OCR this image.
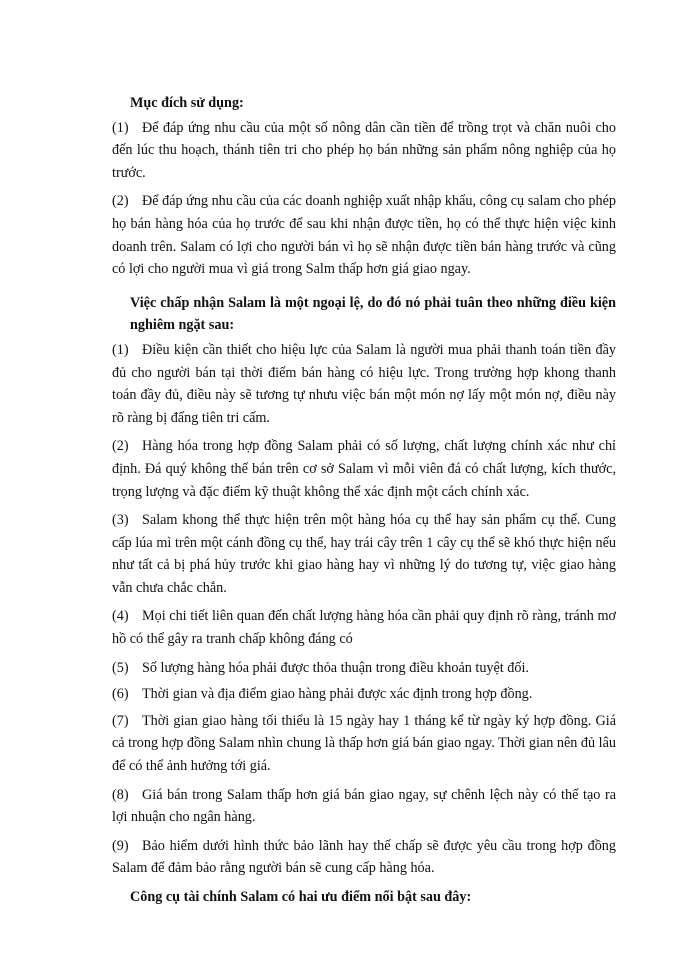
Mục đích sử dụng:

(1) Để đáp ứng nhu cầu của một số nông dân cần tiền để trồng trọt và chăn nuôi cho đến lúc thu hoạch, thánh tiên tri cho phép họ bán những sản phẩm nông nghiệp của họ trước.

(2) Để đáp ứng nhu cầu của các doanh nghiệp xuất nhập khẩu, công cụ salam cho phép họ bán hàng hóa của họ trước để sau khi nhận được tiền, họ có thể thực hiện việc kinh doanh trên. Salam có lợi cho người bán vì họ sẽ nhận được tiền bán hàng trước và cũng có lợi cho người mua vì giá trong Salm thấp hơn giá giao ngay.

Việc chấp nhận Salam là một ngoại lệ, do đó nó phải tuân theo những điều kiện nghiêm ngặt sau:

(1) Điều kiện cần thiết cho hiệu lực của Salam là người mua phải thanh toán tiền đầy đủ cho người bán tại thời điểm bán hàng có hiệu lực. Trong trường hợp khong thanh toán đầy đủ, điều này sẽ tương tự nhưu việc bán một món nợ lấy một món nợ, điều này rõ ràng bị đấng tiên tri cấm.

(2) Hàng hóa trong hợp đồng Salam phải có số lượng, chất lượng chính xác như chỉ định. Đá quý không thể bán trên cơ sở Salam vì mỗi viên đá có chất lượng, kích thước, trọng lượng và đặc điểm kỹ thuật không thể xác định một cách chính xác.

(3) Salam khong thể thực hiện trên một hàng hóa cụ thể hay sản phẩm cụ thể. Cung cấp lúa mì trên một cánh đồng cụ thể, hay trái cây trên 1 cây cụ thể sẽ khó thực hiện nếu như tất cả bị phá hủy trước khi giao hàng hay vì những lý do tương tự, việc giao hàng vẫn chưa chắc chắn.

(4) Mọi chi tiết liên quan đến chất lượng hàng hóa cần phải quy định rõ ràng, tránh mơ hồ có thể gây ra tranh chấp không đáng có

(5) Số lượng hàng hóa phải được thỏa thuận trong điều khoản tuyệt đối.

(6) Thời gian và địa điểm giao hàng phải được xác định trong hợp đồng.

(7) Thời gian giao hàng tối thiểu là 15 ngày hay 1 tháng kể từ ngày ký hợp đồng. Giá cả trong hợp đồng Salam nhìn chung là thấp hơn giá bán giao ngay. Thời gian nên đủ lâu để có thể ảnh hưởng tới giá.

(8) Giá bán trong Salam thấp hơn giá bán giao ngay, sự chênh lệch này có thể tạo ra lợi nhuận cho ngân hàng.

(9) Bảo hiểm dưới hình thức bảo lãnh hay thế chấp sẽ được yêu cầu trong hợp đồng Salam để đảm bảo rằng người bán sẽ cung cấp hàng hóa.

Công cụ tài chính Salam có hai ưu điểm nổi bật sau đây:
